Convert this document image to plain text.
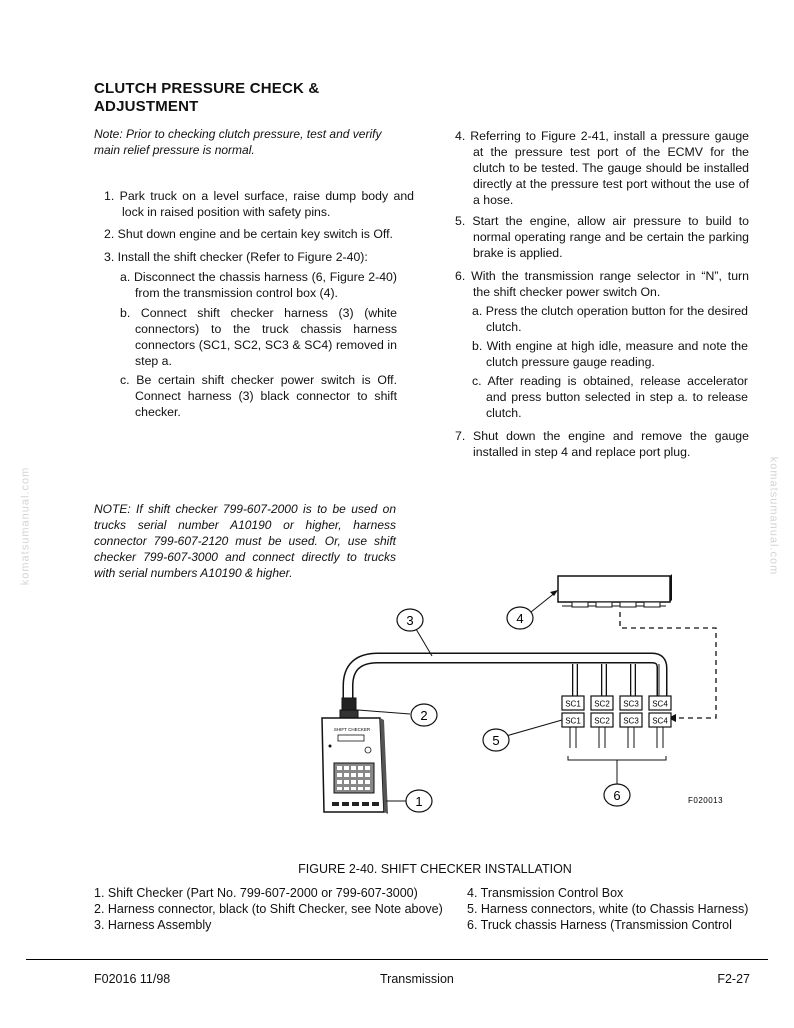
CLUTCH PRESSURE CHECK &
ADJUSTMENT
Note: Prior to checking clutch pressure, test and verify main relief pressure is normal.
1. Park truck on a level surface, raise dump body and lock in raised position with safety pins.
2. Shut down engine and be certain key switch is Off.
3. Install the shift checker (Refer to Figure 2-40):
a. Disconnect the chassis harness (6, Figure 2-40) from the transmission control box (4).
b. Connect shift checker harness (3) (white connectors) to the truck chassis harness connectors (SC1, SC2, SC3 & SC4) removed in step a.
c. Be certain shift checker power switch is Off. Connect harness (3) black connector to shift checker.
4. Referring to Figure 2-41, install a pressure gauge at the pressure test port of the ECMV for the clutch to be tested. The gauge should be installed directly at the pressure test port without the use of a hose.
5. Start the engine, allow air pressure to build to normal operating range and be certain the parking brake is applied.
6. With the transmission range selector in “N”, turn the shift checker power switch On.
a. Press the clutch operation button for the desired clutch.
b. With engine at high idle, measure and note the clutch pressure gauge reading.
c. After reading is obtained, release accelerator and press button selected in step a. to release clutch.
7. Shut down the engine and remove the gauge installed in step 4 and replace port plug.
NOTE: If shift checker 799-607-2000 is to be used on trucks serial number A10190 or higher, harness connector 799-607-2120 must be used. Or, use shift checker 799-607-3000 and connect directly to trucks with serial numbers A10190 & higher.
komatsumanual.com	komatsumanual.com
SHIFT CHECKER
SC1 SC2 SC3 SC4
SC1 SC2 SC3 SC4
3	4
2
5
1	6	F020013
FIGURE 2-40. SHIFT CHECKER INSTALLATION
1. Shift Checker (Part No. 799-607-2000 or 799-607-3000)
2. Harness connector, black (to Shift Checker, see Note above)
3. Harness Assembly
4. Transmission Control Box
5. Harness connectors, white (to Chassis Harness)
6. Truck chassis Harness (Transmission Control
F02016 11/98	Transmission	F2-27
